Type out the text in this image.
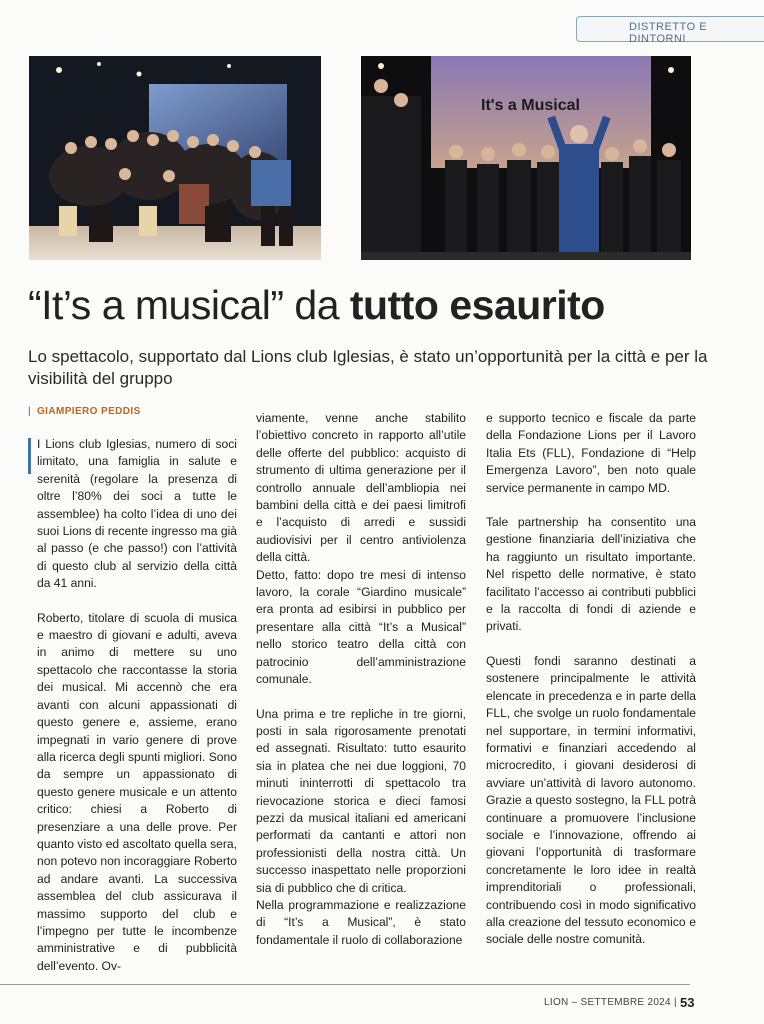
DISTRETTO E DINTORNI
It's a Musical
“It’s a musical” da tutto esaurito
Lo spettacolo, supportato dal Lions club Iglesias, è stato un’opportunità per la città e per la visibilità del gruppo
| GIAMPIERO PEDDIS

I Lions club Iglesias, numero di soci limitato, una famiglia in salute e serenità (regolare la presenza di oltre l’80% dei soci a tutte le assemblee) ha colto l’idea di uno dei suoi Lions di recente ingresso ma già al passo (e che passo!) con l’attività di questo club al servizio della città da 41 anni.

Roberto, titolare di scuola di musica e maestro di giovani e adulti, aveva in animo di mettere su uno spettacolo che raccontasse la storia dei musical. Mi accennò che era avanti con alcuni appassionati di questo genere e, assieme, erano impegnati in vario genere di prove alla ricerca degli spunti migliori. Sono da sempre un appassionato di questo genere musicale e un attento critico: chiesi a Roberto di presenziare a una delle prove. Per quanto visto ed ascoltato quella sera, non potevo non incoraggiare Roberto ad andare avanti. La successiva assemblea del club assicurava il massimo supporto del club e l’impegno per tutte le incombenze amministrative e di pubblicità dell’evento. Ov-

viamente, venne anche stabilito l’obiettivo concreto in rapporto all’utile delle offerte del pubblico: acquisto di strumento di ultima generazione per il controllo annuale dell’ambliopia nei bambini della città e dei paesi limitrofi e l’acquisto di arredi e sussidi audiovisivi per il centro antiviolenza della città.

Detto, fatto: dopo tre mesi di intenso lavoro, la corale “Giardino musicale” era pronta ad esibirsi in pubblico per presentare alla città “It’s a Musical” nello storico teatro della città con patrocinio dell’amministrazione comunale.

Una prima e tre repliche in tre giorni, posti in sala rigorosamente prenotati ed assegnati. Risultato: tutto esaurito sia in platea che nei due loggioni, 70 minuti ininterrotti di spettacolo tra rievocazione storica e dieci famosi pezzi da musical italiani ed americani performati da cantanti e attori non professionisti della nostra città. Un successo inaspettato nelle proporzioni sia di pubblico che di critica.

Nella programmazione e realizzazione di “It’s a Musical”, è stato fondamentale il ruolo di collaborazione

e supporto tecnico e fiscale da parte della Fondazione Lions per il Lavoro Italia Ets (FLL), Fondazione di “Help Emergenza Lavoro”, ben noto quale service permanente in campo MD.

Tale partnership ha consentito una gestione finanziaria dell’iniziativa che ha raggiunto un risultato importante. Nel rispetto delle normative, è stato facilitato l’accesso ai contributi pubblici e la raccolta di fondi di aziende e privati.

Questi fondi saranno destinati a sostenere principalmente le attività elencate in precedenza e in parte della FLL, che svolge un ruolo fondamentale nel supportare, in termini informativi, formativi e finanziari accedendo al microcredito, i giovani desiderosi di avviare un’attività di lavoro autonomo. Grazie a questo sostegno, la FLL potrà continuare a promuovere l’inclusione sociale e l’innovazione, offrendo ai giovani l’opportunità di trasformare concretamente le loro idee in realtà imprenditoriali o professionali, contribuendo così in modo significativo alla creazione del tessuto economico e sociale delle nostre comunità.

LION – SETTEMBRE 2024 | 53
